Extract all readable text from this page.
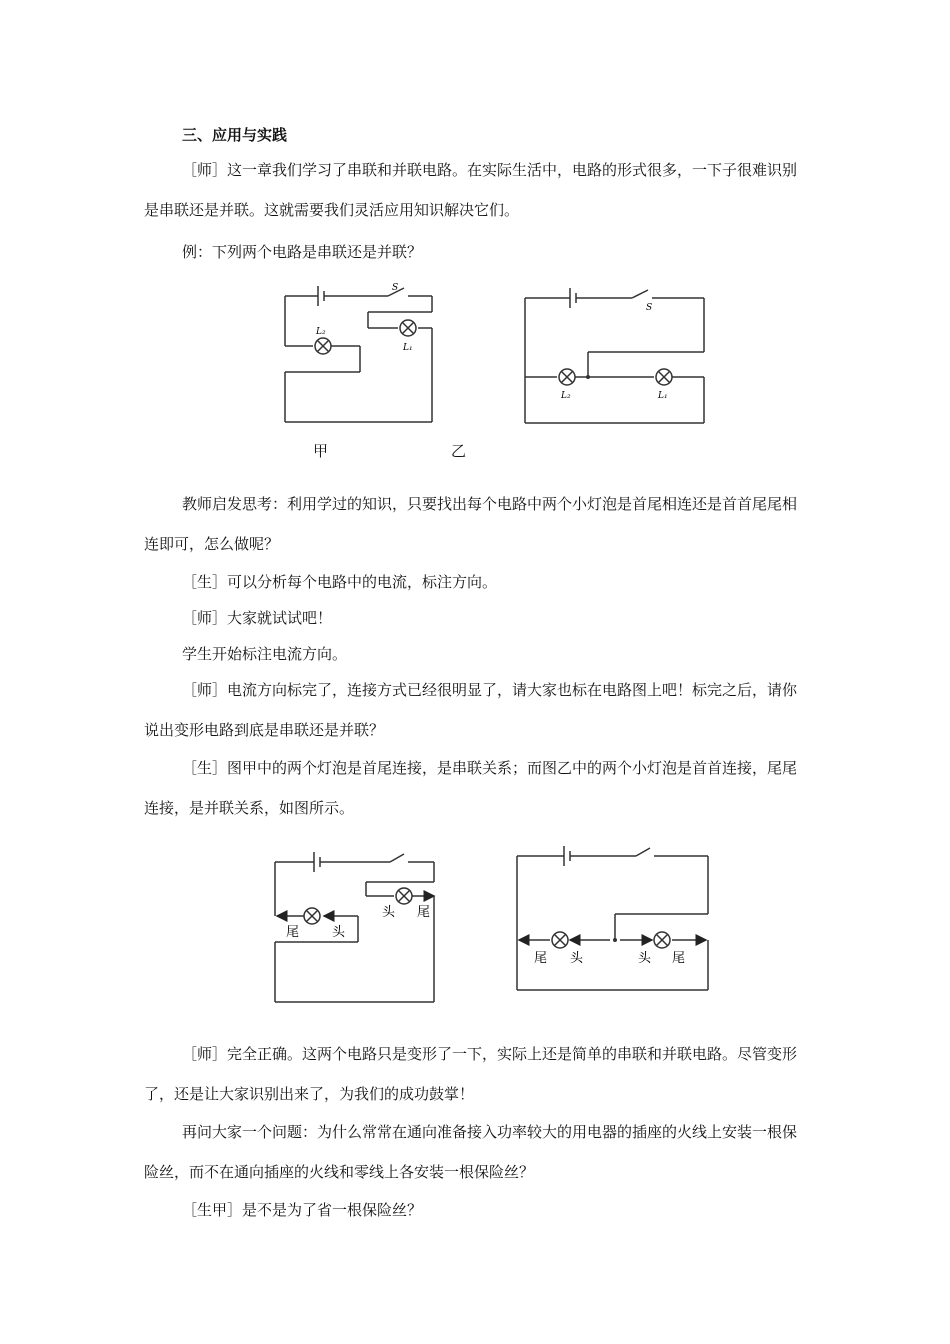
三、应用与实践

［师］这一章我们学习了串联和并联电路。在实际生活中，电路的形式很多，一下子很难识别是串联还是并联。这就需要我们灵活应用知识解决它们。

例：下列两个电路是串联还是并联？

S
L₁
L₂
甲
S
L₂	L₁
乙

教师启发思考：利用学过的知识，只要找出每个电路中两个小灯泡是首尾相连还是首首尾尾相连即可，怎么做呢？

［生］可以分析每个电路中的电流，标注方向。

［师］大家就试试吧！

学生开始标注电流方向。

［师］电流方向标完了，连接方式已经很明显了，请大家也标在电路图上吧！标完之后，请你说出变形电路到底是串联还是并联？

［生］图甲中的两个灯泡是首尾连接，是串联关系；而图乙中的两个小灯泡是首首连接，尾尾连接，是并联关系，如图所示。

头 尾
尾	头
尾 头	头 尾

［师］完全正确。这两个电路只是变形了一下，实际上还是简单的串联和并联电路。尽管变形了，还是让大家识别出来了，为我们的成功鼓掌！

再问大家一个问题：为什么常常在通向准备接入功率较大的用电器的插座的火线上安装一根保险丝，而不在通向插座的火线和零线上各安装一根保险丝？

［生甲］是不是为了省一根保险丝？
